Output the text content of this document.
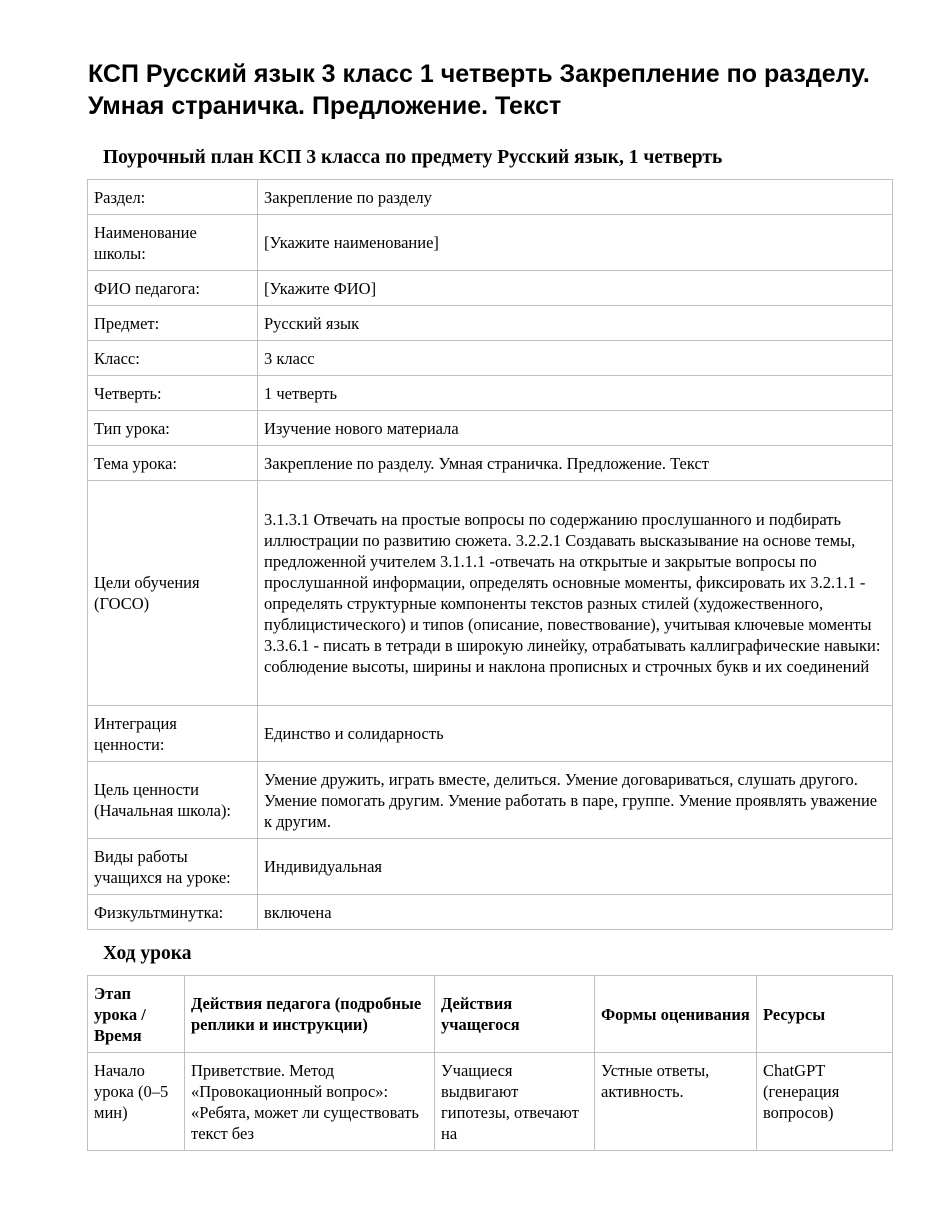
КСП Русский язык 3 класс 1 четверть Закрепление по разделу. Умная страничка. Предложение. Текст
Поурочный план КСП 3 класса по предмету Русский язык, 1 четверть
Раздел:	Закрепление по разделу
Наименование школы:	[Укажите наименование]
ФИО педагога:	[Укажите ФИО]
Предмет:	Русский язык
Класс:	3 класс
Четверть:	1 четверть
Тип урока:	Изучение нового материала
Тема урока:	Закрепление по разделу. Умная страничка. Предложение. Текст
Цели обучения (ГОСО)	3.1.3.1 Отвечать на простые вопросы по содержанию прослушанного и подбирать иллюстрации по развитию сюжета. 3.2.2.1 Создавать высказывание на основе темы, предложенной учителем 3.1.1.1 -отвечать на открытые и закрытые вопросы по прослушанной информации, определять основные моменты, фиксировать их 3.2.1.1 - определять структурные компоненты текстов разных стилей (художественного, публицистического) и типов (описание, повествование), учитывая ключевые моменты 3.3.6.1 - писать в тетради в широкую линейку, отрабатывать каллиграфические навыки: соблюдение высоты, ширины и наклона прописных и строчных букв и их соединений
Интеграция ценности:	Единство и солидарность
Цель ценности (Начальная школа):	Умение дружить, играть вместе, делиться. Умение договариваться, слушать другого. Умение помогать другим. Умение работать в паре, группе. Умение проявлять уважение к другим.
Виды работы учащихся на уроке:	Индивидуальная
Физкультминутка:	включена
Ход урока
Этап урока / Время	Действия педагога (подробные реплики и инструкции)	Действия учащегося	Формы оценивания	Ресурсы
Начало урока (0–5 мин)	Приветствие. Метод «Провокационный вопрос»: «Ребята, может ли существовать текст без	Учащиеся выдвигают гипотезы, отвечают на	Устные ответы, активность.	ChatGPT (генерация вопросов)
